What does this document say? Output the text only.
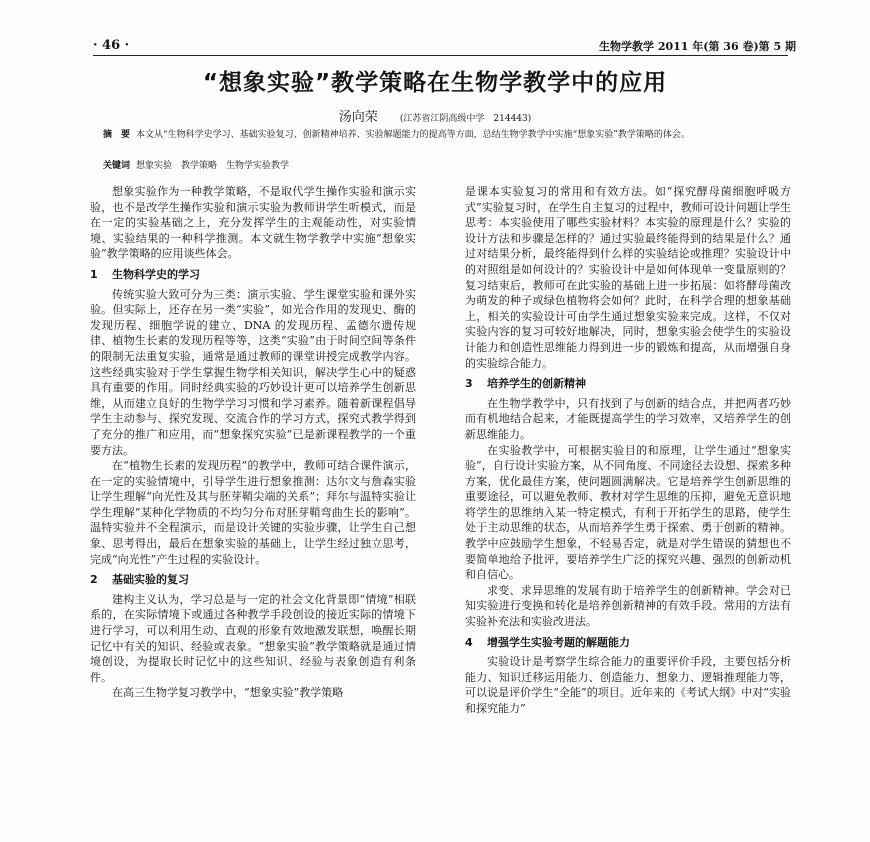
· 46 ·	生物学教学 2011 年(第 36 卷)第 5 期
“想象实验”教学策略在生物学教学中的应用
汤向荣 (江苏省江阴高级中学　214443)
摘　要 本文从“生物科学史学习、基础实验复习、创新精神培养、实验解题能力的提高等方面，总结生物学教学中实施“想象实验”教学策略的体会。
关键词 想象实验　教学策略　生物学实验教学

想象实验作为一种教学策略，不是取代学生操作实验和演示实验，也不是改学生操作实验和演示实验为教师讲学生听模式，而是在一定的实验基础之上，充分发挥学生的主观能动性，对实验情境、实验结果的一种科学推测。本文就生物学教学中实施“想象实验”教学策略的应用谈些体会。

1 生物科学史的学习

传统实验大致可分为三类：演示实验、学生课堂实验和课外实验。但实际上，还存在另一类“实验”，如光合作用的发现史、酶的发现历程、细胞学说的建立、DNA 的发现历程、孟德尔遗传规律、植物生长素的发现历程等等，这类“实验”由于时间空间等条件的限制无法重复实验，通常是通过教师的课堂讲授完成教学内容。这些经典实验对于学生掌握生物学相关知识，解决学生心中的疑惑具有重要的作用。同时经典实验的巧妙设计更可以培养学生创新思维，从而建立良好的生物学学习习惯和学习素养。随着新课程倡导学生主动参与、探究发现、交流合作的学习方式，探究式教学得到了充分的推广和应用，而“想象探究实验”已是新课程教学的一个重要方法。

在“植物生长素的发现历程”的教学中，教师可结合课件演示，在一定的实验情境中，引导学生进行想象推测：达尔文与詹森实验让学生理解“向光性及其与胚芽鞘尖端的关系”；拜尔与温特实验让学生理解“某种化学物质的不均匀分布对胚芽鞘弯曲生长的影响”。温特实验并不全程演示，而是设计关键的实验步骤，让学生自己想象、思考得出，最后在想象实验的基础上，让学生经过独立思考，完成“向光性”产生过程的实验设计。

2 基础实验的复习

建构主义认为，学习总是与一定的社会文化背景即“情境”相联系的，在实际情境下或通过各种教学手段创设的接近实际的情境下进行学习，可以利用生动、直观的形象有效地激发联想，唤醒长期记忆中有关的知识、经验或表象。“想象实验”教学策略就是通过情境创设，为提取长时记忆中的这些知识、经验与表象创造有利条件。

在高三生物学复习教学中，“想象实验”教学策略

是课本实验复习的常用和有效方法。如“探究酵母菌细胞呼吸方式”实验复习时，在学生自主复习的过程中，教师可设计问题让学生思考：本实验使用了哪些实验材料？本实验的原理是什么？实验的设计方法和步骤是怎样的？通过实验最终能得到的结果是什么？通过对结果分析，最终能得到什么样的实验结论或推理？实验设计中的对照组是如何设计的？实验设计中是如何体现单一变量原则的？复习结束后，教师可在此实验的基础上进一步拓展：如将酵母菌改为萌发的种子或绿色植物将会如何？此时，在科学合理的想象基础上，相关的实验设计可由学生通过想象实验来完成。这样，不仅对实验内容的复习可较好地解决，同时，想象实验会使学生的实验设计能力和创造性思维能力得到进一步的锻炼和提高，从而增强自身的实验综合能力。

3 培养学生的创新精神

在生物学教学中，只有找到了与创新的结合点，并把两者巧妙而有机地结合起来，才能既提高学生的学习效率，又培养学生的创新思维能力。

在实验教学中，可根据实验目的和原理，让学生通过“想象实验”，自行设计实验方案，从不同角度、不同途径去设想、探索多种方案，优化最佳方案，使问题圆满解决。它是培养学生创新思维的重要途径，可以避免教师、教材对学生思维的压抑，避免无意识地将学生的思维纳入某一特定模式，有利于开拓学生的思路，使学生处于主动思维的状态，从而培养学生勇于探索、勇于创新的精神。教学中应鼓励学生想象，不轻易否定，就是对学生错误的猜想也不要简单地给予批评，要培养学生广泛的探究兴趣、强烈的创新动机和自信心。

求变、求异思维的发展有助于培养学生的创新精神。学会对已知实验进行变换和转化是培养创新精神的有效手段。常用的方法有实验补充法和实验改进法。

4 增强学生实验考题的解题能力

实验设计是考察学生综合能力的重要评价手段，主要包括分析能力、知识迁移运用能力、创造能力、想象力、逻辑推理能力等，可以说是评价学生“全能”的项目。近年来的《考试大纲》中对“实验和探究能力”
